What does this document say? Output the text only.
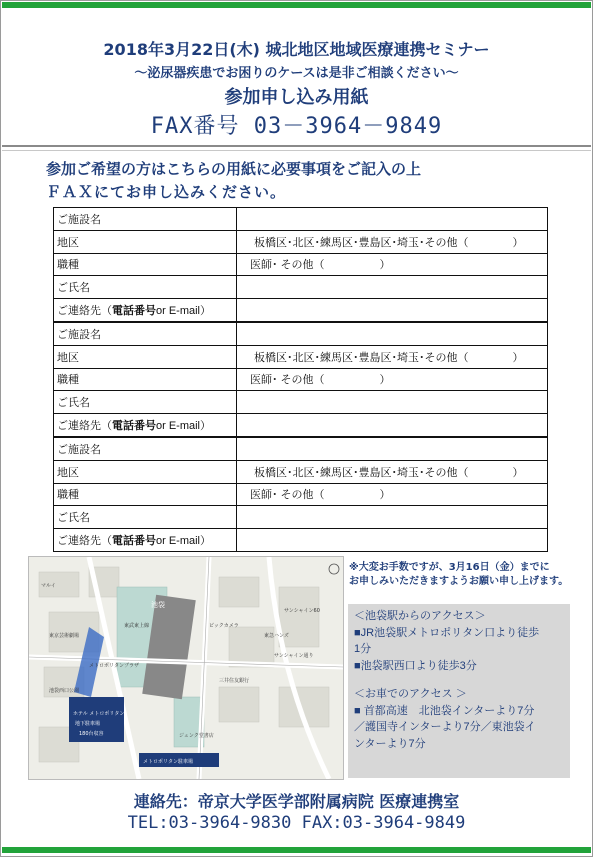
2018年3月22日(木) 城北地区地域医療連携セミナー
～泌尿器疾患でお困りのケースは是非ご相談ください～
参加申し込み用紙
FAX番号 03－3964－9849
参加ご希望の方はこちらの用紙に必要事項をご記入の上
ＦＡＸにてお申し込みください。
ご施設名	
地区	板橋区･北区･練馬区･豊島区･埼玉･その他（　　　　）

職種	医師･ その他（　　　　　）

ご氏名	
ご連絡先（電話番号or E-mail）	
ご施設名	
地区	板橋区･北区･練馬区･豊島区･埼玉･その他（　　　　）

職種	医師･ その他（　　　　　）

ご氏名	
ご連絡先（電話番号or E-mail）	
ご施設名	
地区	板橋区･北区･練馬区･豊島区･埼玉･その他（　　　　）

職種	医師･ その他（　　　　　）

ご氏名	
ご連絡先（電話番号or E-mail）	
東武東上線
池袋
ホテル メトロポリタン
地下駐車場
180台収容
メトロポリタン駐車場
サンシャイン60
東急ハンズ
ビックカメラ
メトロポリタンプラザ
ジュンク堂書店
東京芸術劇場
三井住友銀行
マルイ
池袋西口公園
サンシャイン通り
※大変お手数ですが、3月16日（金）までに
お申しみいただきますようお願い申し上げます。
＜池袋駅からのアクセス＞
■JR池袋駅メトロポリタン口より徒歩
1分
■池袋駅西口より徒歩3分
＜お車でのアクセス ＞
■ 首都高速　北池袋インターより7分
／護国寺インターより7分／東池袋イ
ンターより7分
連絡先：帝京大学医学部附属病院 医療連携室
TEL:03-3964-9830 FAX:03-3964-9849
